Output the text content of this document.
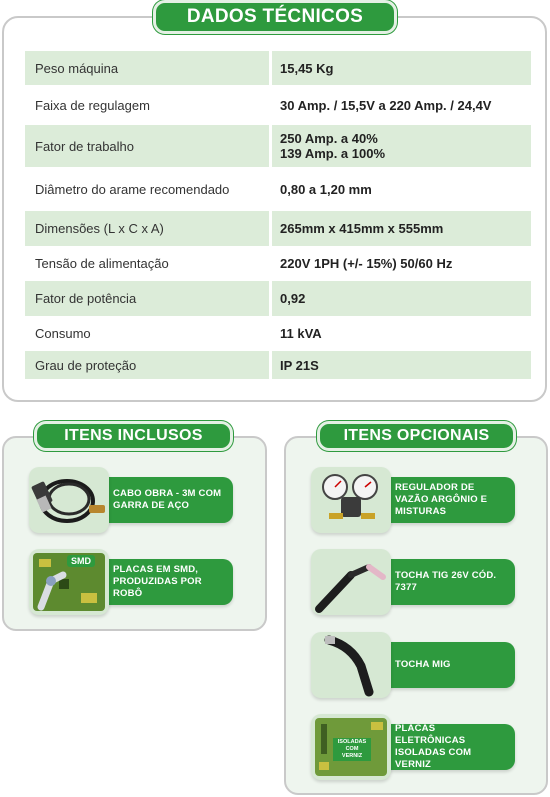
Peso máquina	15,45 Kg
Faixa de regulagem	30 Amp. / 15,5V a 220 Amp. / 24,4V
Fator de trabalho	250 Amp. a 40%
139 Amp. a 100%
Diâmetro do arame recomendado	0,80 a 1,20 mm
Dimensões (L x C x A)	265mm x 415mm x 555mm
Tensão de alimentação	220V 1PH (+/- 15%) 50/60 Hz
Fator de potência	0,92
Consumo	11 kVA
Grau de proteção	IP 21S
DADOS TÉCNICOS
ITENS INCLUSOS
CABO OBRA - 3M COM GARRA DE AÇO
SMD
PLACAS EM SMD, PRODUZIDAS POR ROBÔ
ITENS OPCIONAIS
REGULADOR DE VAZÃO ARGÔNIO E MISTURAS
TOCHA TIG 26V CÓD. 7377
TOCHA MIG
ISOLADAS COM VERNIZ
PLACAS ELETRÔNICAS ISOLADAS COM VERNIZ
